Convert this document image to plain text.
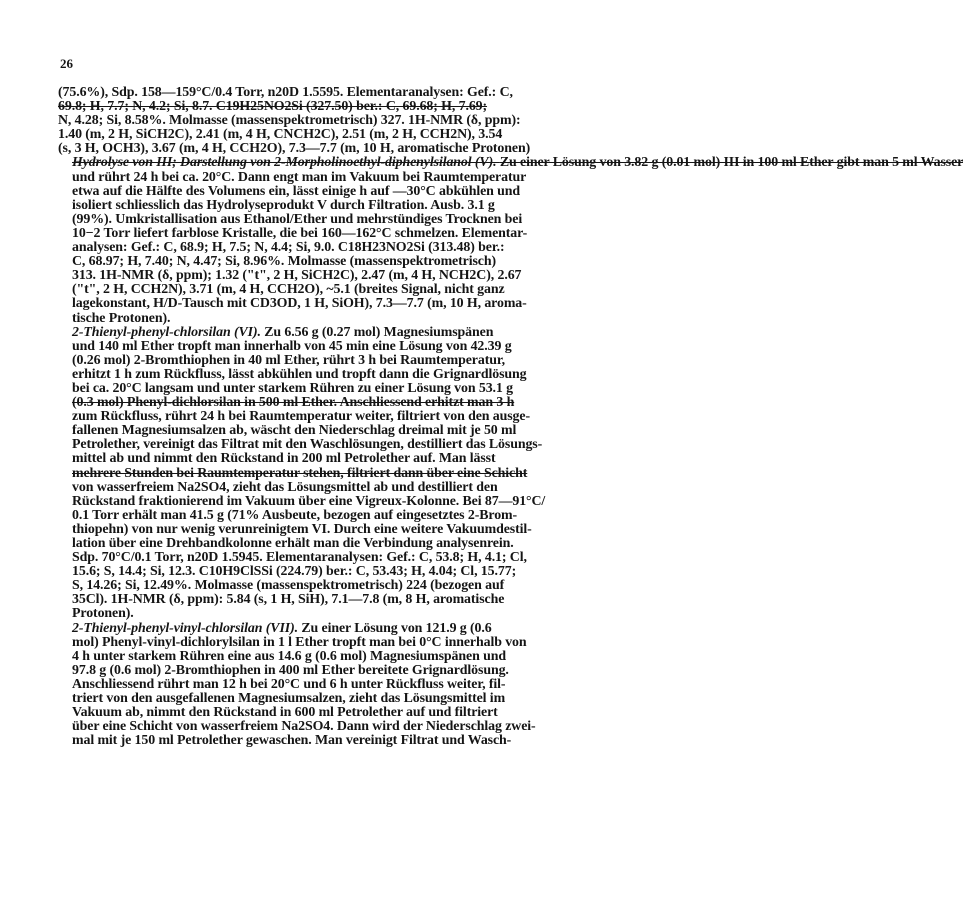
26
(75.6%), Sdp. 158—159°C/0.4 Torr, n20D 1.5595. Elementaranalysen: Gef.: C,
69.8; H, 7.7; N, 4.2; Si, 8.7. C19H25NO2Si (327.50) ber.: C, 69.68; H, 7.69;
N, 4.28; Si, 8.58%. Molmasse (massenspektrometrisch) 327. 1H-NMR (δ, ppm):
1.40 (m, 2 H, SiCH2C), 2.41 (m, 4 H, CNCH2C), 2.51 (m, 2 H, CCH2N), 3.54
(s, 3 H, OCH3), 3.67 (m, 4 H, CCH2O), 7.3—7.7 (m, 10 H, aromatische Protonen)
Hydrolyse von III; Darstellung von 2-Morpholinoethyl-diphenylsilanol (V). Zu einer Lösung von 3.82 g (0.01 mol) III in 100 ml Ether gibt man 5 ml Wasser
und rührt 24 h bei ca. 20°C. Dann engt man im Vakuum bei Raumtemperatur
etwa auf die Hälfte des Volumens ein, lässt einige h auf —30°C abkühlen und
isoliert schliesslich das Hydrolyseprodukt V durch Filtration. Ausb. 3.1 g
(99%). Umkristallisation aus Ethanol/Ether und mehrstündiges Trocknen bei
10−2 Torr liefert farblose Kristalle, die bei 160—162°C schmelzen. Elementar-
analysen: Gef.: C, 68.9; H, 7.5; N, 4.4; Si, 9.0. C18H23NO2Si (313.48) ber.:
C, 68.97; H, 7.40; N, 4.47; Si, 8.96%. Molmasse (massenspektrometrisch)
313. 1H-NMR (δ, ppm); 1.32 ("t", 2 H, SiCH2C), 2.47 (m, 4 H, NCH2C), 2.67
("t", 2 H, CCH2N), 3.71 (m, 4 H, CCH2O), ~5.1 (breites Signal, nicht ganz
lagekonstant, H/D-Tausch mit CD3OD, 1 H, SiOH), 7.3—7.7 (m, 10 H, aroma-
tische Protonen).
2-Thienyl-phenyl-chlorsilan (VI). Zu 6.56 g (0.27 mol) Magnesiumspänen
und 140 ml Ether tropft man innerhalb von 45 min eine Lösung von 42.39 g
(0.26 mol) 2-Bromthiophen in 40 ml Ether, rührt 3 h bei Raumtemperatur,
erhitzt 1 h zum Rückfluss, lässt abkühlen und tropft dann die Grignardlösung
bei ca. 20°C langsam und unter starkem Rühren zu einer Lösung von 53.1 g
(0.3 mol) Phenyl-dichlorsilan in 500 ml Ether. Anschliessend erhitzt man 3 h
zum Rückfluss, rührt 24 h bei Raumtemperatur weiter, filtriert von den ausge-
fallenen Magnesiumsalzen ab, wäscht den Niederschlag dreimal mit je 50 ml
Petrolether, vereinigt das Filtrat mit den Waschlösungen, destilliert das Lösungs-
mittel ab und nimmt den Rückstand in 200 ml Petrolether auf. Man lässt
mehrere Stunden bei Raumtemperatur stehen, filtriert dann über eine Schicht
von wasserfreiem Na2SO4, zieht das Lösungsmittel ab und destilliert den
Rückstand fraktionierend im Vakuum über eine Vigreux-Kolonne. Bei 87—91°C/
0.1 Torr erhält man 41.5 g (71% Ausbeute, bezogen auf eingesetztes 2-Brom-
thiopehn) von nur wenig verunreinigtem VI. Durch eine weitere Vakuumdestil-
lation über eine Drehbandkolonne erhält man die Verbindung analysenrein.
Sdp. 70°C/0.1 Torr, n20D 1.5945. Elementaranalysen: Gef.: C, 53.8; H, 4.1; Cl,
15.6; S, 14.4; Si, 12.3. C10H9ClSSi (224.79) ber.: C, 53.43; H, 4.04; Cl, 15.77;
S, 14.26; Si, 12.49%. Molmasse (massenspektrometrisch) 224 (bezogen auf
35Cl). 1H-NMR (δ, ppm): 5.84 (s, 1 H, SiH), 7.1—7.8 (m, 8 H, aromatische
Protonen).
2-Thienyl-phenyl-vinyl-chlorsilan (VII). Zu einer Lösung von 121.9 g (0.6
mol) Phenyl-vinyl-dichlorylsilan in 1 l Ether tropft man bei 0°C innerhalb von
4 h unter starkem Rühren eine aus 14.6 g (0.6 mol) Magnesiumspänen und
97.8 g (0.6 mol) 2-Bromthiophen in 400 ml Ether bereitete Grignardlösung.
Anschliessend rührt man 12 h bei 20°C und 6 h unter Rückfluss weiter, fil-
triert von den ausgefallenen Magnesiumsalzen, zieht das Lösungsmittel im
Vakuum ab, nimmt den Rückstand in 600 ml Petrolether auf und filtriert
über eine Schicht von wasserfreiem Na2SO4. Dann wird der Niederschlag zwei-
mal mit je 150 ml Petrolether gewaschen. Man vereinigt Filtrat und Wasch-
